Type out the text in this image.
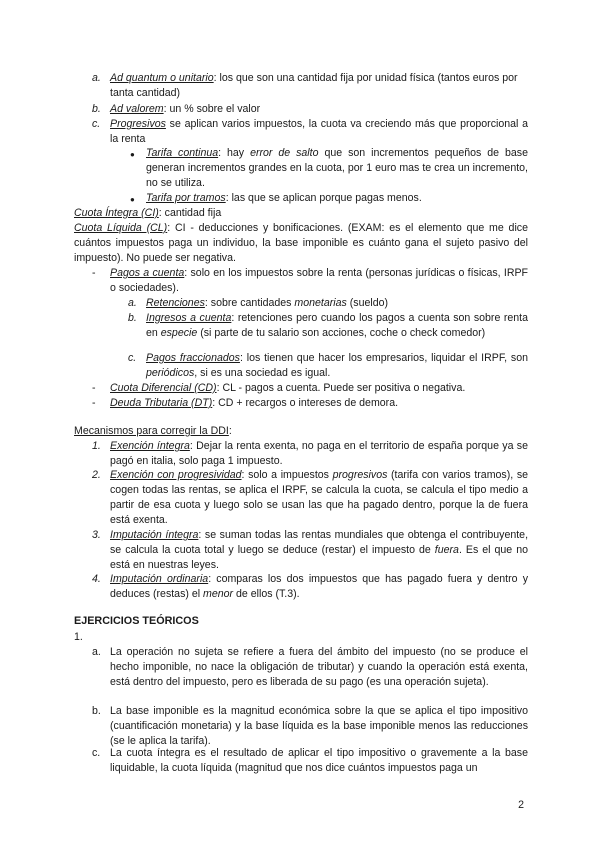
a. Ad quantum o unitario: los que son una cantidad fija por unidad física (tantos euros por tanta cantidad)
b. Ad valorem: un % sobre el valor
c. Progresivos se aplican varios impuestos, la cuota va creciendo más que proporcional a la renta
● Tarifa continua: hay error de salto que son incrementos pequeños de base generan incrementos grandes en la cuota, por 1 euro mas te crea un incremento, no se utiliza.
● Tarifa por tramos: las que se aplican porque pagas menos.
Cuota Íntegra (CI): cantidad fija
Cuota Líquida (CL): CI - deducciones y bonificaciones. (EXAM: es el elemento que me dice cuántos impuestos paga un individuo, la base imponible es cuánto gana el sujeto pasivo del impuesto). No puede ser negativa.
- Pagos a cuenta: solo en los impuestos sobre la renta (personas jurídicas o físicas, IRPF o sociedades).
a. Retenciones: sobre cantidades monetarias (sueldo)
b. Ingresos a cuenta: retenciones pero cuando los pagos a cuenta son sobre renta en especie (si parte de tu salario son acciones, coche o check comedor)
c. Pagos fraccionados: los tienen que hacer los empresarios, liquidar el IRPF, son periódicos, si es una sociedad es igual.
- Cuota Diferencial (CD): CL - pagos a cuenta. Puede ser positiva o negativa.
- Deuda Tributaria (DT): CD + recargos o intereses de demora.
Mecanismos para corregir la DDI:
1. Exención íntegra: Dejar la renta exenta, no paga en el territorio de españa porque ya se pagó en italia, solo paga 1 impuesto.
2. Exención con progresividad: solo a impuestos progresivos (tarifa con varios tramos), se cogen todas las rentas, se aplica el IRPF, se calcula la cuota, se calcula el tipo medio a partir de esa cuota y luego solo se usan las que ha pagado dentro, porque la de fuera está exenta.
3. Imputación íntegra: se suman todas las rentas mundiales que obtenga el contribuyente, se calcula la cuota total y luego se deduce (restar) el impuesto de fuera. Es el que no está en nuestras leyes.
4. Imputación ordinaria: comparas los dos impuestos que has pagado fuera y dentro y deduces (restas) el menor de ellos (T.3).
EJERCICIOS TEÓRICOS
1.
a. La operación no sujeta se refiere a fuera del ámbito del impuesto (no se produce el hecho imponible, no nace la obligación de tributar) y cuando la operación está exenta, está dentro del impuesto, pero es liberada de su pago (es una operación sujeta).
b. La base imponible es la magnitud económica sobre la que se aplica el tipo impositivo (cuantificación monetaria) y la base líquida es la base imponible menos las reducciones (se le aplica la tarifa).
c. La cuota íntegra es el resultado de aplicar el tipo impositivo o gravemente a la base liquidable, la cuota líquida (magnitud que nos dice cuántos impuestos paga un
2
